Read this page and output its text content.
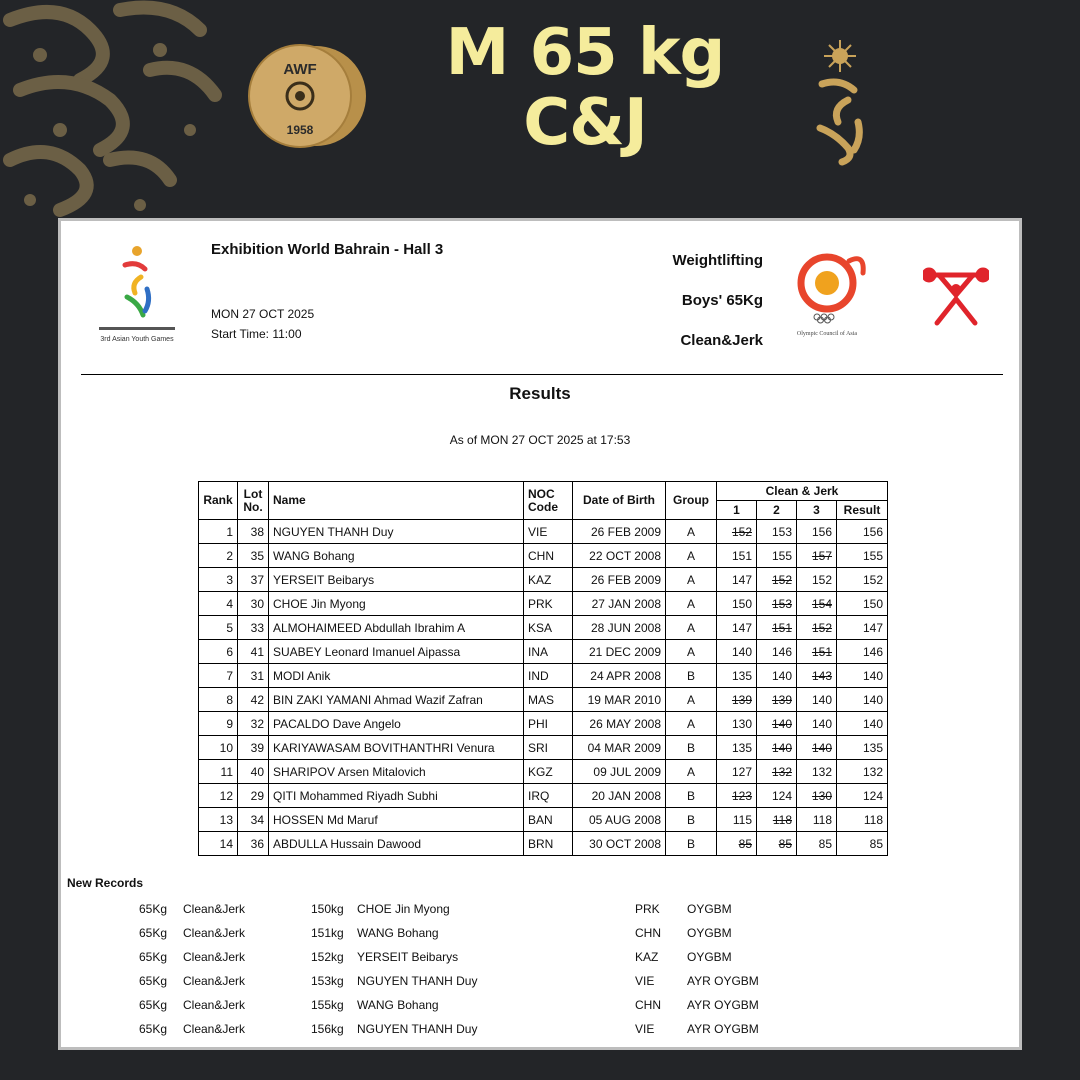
AWF
1958
M 65 kg
C&J
3rd Asian Youth Games
Exhibition World Bahrain - Hall 3
MON 27 OCT 2025
Start Time: 11:00
Weightlifting
Boys' 65Kg
Clean&Jerk	Olympic Council of Asia
Results
As of MON 27 OCT 2025 at 17:53
Rank	Lot No.	Name	NOC Code	Date of Birth	Group	Clean & Jerk			
						1	2	3	Result
1	38	NGUYEN THANH Duy	VIE	26 FEB 2009	A	152	153	156	156
2	35	WANG Bohang	CHN	22 OCT 2008	A	151	155	157	155
3	37	YERSEIT Beibarys	KAZ	26 FEB 2009	A	147	152	152	152
4	30	CHOE Jin Myong	PRK	27 JAN 2008	A	150	153	154	150
5	33	ALMOHAIMEED Abdullah Ibrahim A	KSA	28 JUN 2008	A	147	151	152	147
6	41	SUABEY Leonard Imanuel Aipassa	INA	21 DEC 2009	A	140	146	151	146
7	31	MODI Anik	IND	24 APR 2008	B	135	140	143	140
8	42	BIN ZAKI YAMANI Ahmad Wazif Zafran	MAS	19 MAR 2010	A	139	139	140	140
9	32	PACALDO Dave Angelo	PHI	26 MAY 2008	A	130	140	140	140
10	39	KARIYAWASAM BOVITHANTHRI Venura	SRI	04 MAR 2009	B	135	140	140	135
11	40	SHARIPOV Arsen Mitalovich	KGZ	09 JUL 2009	A	127	132	132	132
12	29	QITI Mohammed Riyadh Subhi	IRQ	20 JAN 2008	B	123	124	130	124
13	34	HOSSEN Md Maruf	BAN	05 AUG 2008	B	115	118	118	118
14	36	ABDULLA Hussain Dawood	BRN	30 OCT 2008	B	85	85	85	85
New Records
65Kg Clean&Jerk	150kg CHOE Jin Myong	PRK OYGBM
65Kg Clean&Jerk	151kg WANG Bohang	CHN OYGBM
65Kg Clean&Jerk	152kg YERSEIT Beibarys	KAZ OYGBM
65Kg Clean&Jerk	153kg NGUYEN THANH Duy	VIE	AYR OYGBM
65Kg Clean&Jerk	155kg WANG Bohang	CHN AYR OYGBM
65Kg Clean&Jerk	156kg NGUYEN THANH Duy	VIE	AYR OYGBM
